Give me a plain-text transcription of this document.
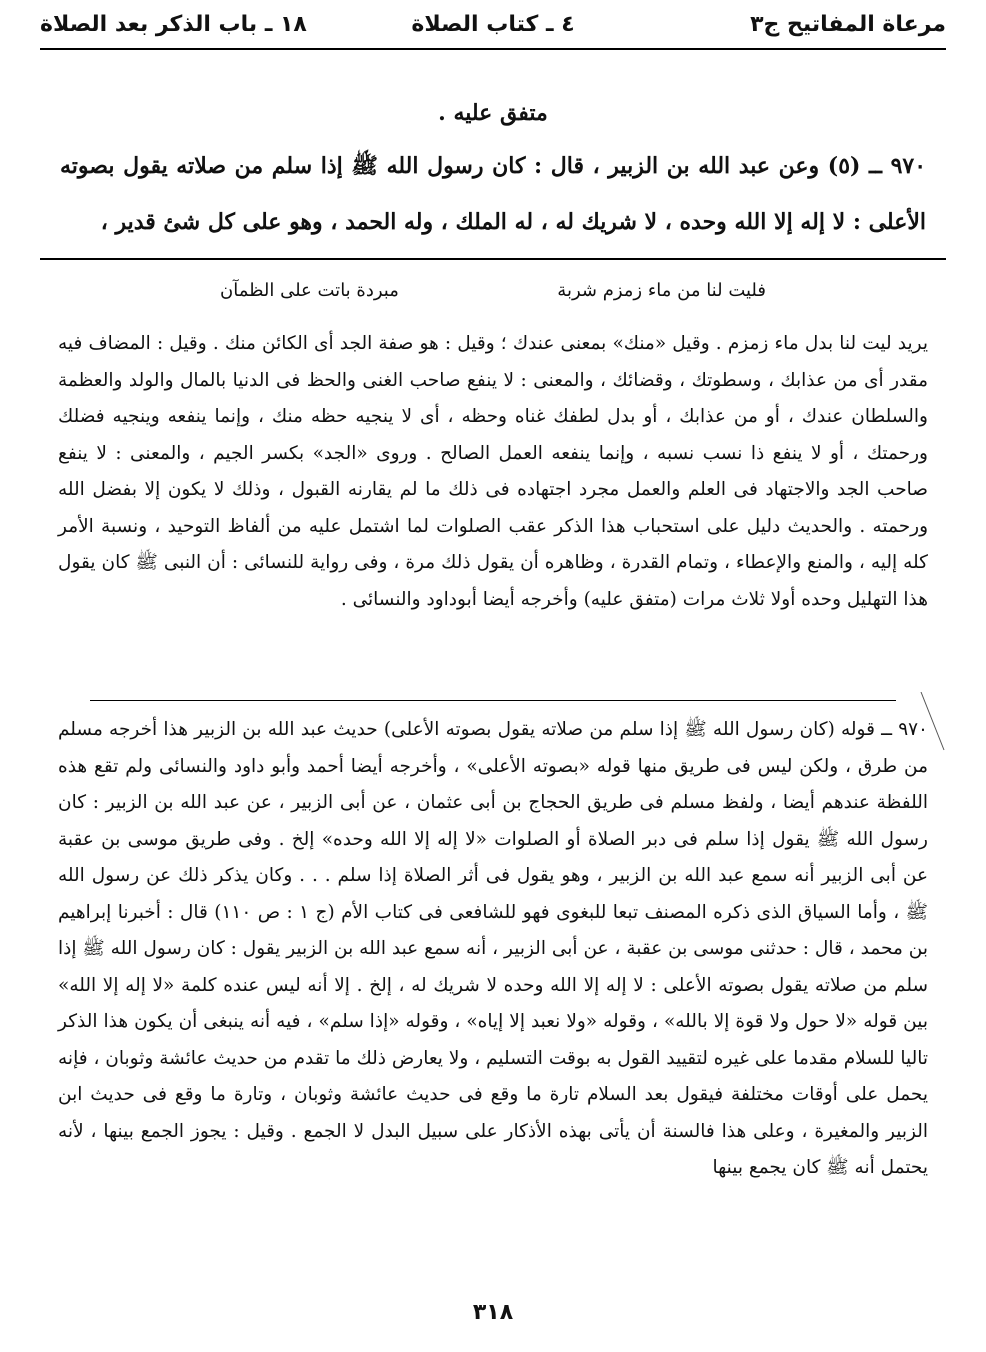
مرعاة المفاتيح ج٣
٤ ـ كتاب الصلاة
١٨ ـ باب الذكر بعد الصلاة
متفق عليه .
٩٧٠ ــ (٥) وعن عبد الله بن الزبير ، قال : كان رسول الله ﷺ إذا سلم من صلاته يقول بصوته الأعلى : لا إله إلا الله وحده ، لا شريك له ، له الملك ، وله الحمد ، وهو على كل شئ قدير ،
فليت لنا من ماء زمزم شربة
مبردة باتت على الظمآن
يريد ليت لنا بدل ماء زمزم . وقيل «منك» بمعنى عندك ؛ وقيل : هو صفة الجد أى الكائن منك . وقيل : المضاف فيه مقدر أى من عذابك ، وسطوتك ، وقضائك ، والمعنى : لا ينفع صاحب الغنى والحظ فى الدنيا بالمال والولد والعظمة والسلطان عندك ، أو من عذابك ، أو بدل لطفك غناه وحظه ، أى لا ينجيه حظه منك ، وإنما ينفعه وينجيه فضلك ورحمتك ، أو لا ينفع ذا نسب نسبه ، وإنما ينفعه العمل الصالح . وروى «الجد» بكسر الجيم ، والمعنى : لا ينفع صاحب الجد والاجتهاد فى العلم والعمل مجرد اجتهاده فى ذلك ما لم يقارنه القبول ، وذلك لا يكون إلا بفضل الله ورحمته . والحديث دليل على استحباب هذا الذكر عقب الصلوات لما اشتمل عليه من ألفاظ التوحيد ، ونسبة الأمر كله إليه ، والمنع والإعطاء ، وتمام القدرة ، وظاهره أن يقول ذلك مرة ، وفى رواية للنسائى : أن النبى ﷺ كان يقول هذا التهليل وحده أولا ثلاث مرات (متفق عليه) وأخرجه أيضا أبوداود والنسائى .
٩٧٠ ــ قوله (كان رسول الله ﷺ إذا سلم من صلاته يقول بصوته الأعلى) حديث عبد الله بن الزبير هذا أخرجه مسلم من طرق ، ولكن ليس فى طريق منها قوله «بصوته الأعلى» ، وأخرجه أيضا أحمد وأبو داود والنسائى ولم تقع هذه اللفظة عندهم أيضا ، ولفظ مسلم فى طريق الحجاج بن أبى عثمان ، عن أبى الزبير ، عن عبد الله بن الزبير : كان رسول الله ﷺ يقول إذا سلم فى دبر الصلاة أو الصلوات «لا إله إلا الله وحده» إلخ . وفى طريق موسى بن عقبة عن أبى الزبير أنه سمع عبد الله بن الزبير ، وهو يقول فى أثر الصلاة إذا سلم . . . وكان يذكر ذلك عن رسول الله ﷺ ، وأما السياق الذى ذكره المصنف تبعا للبغوى فهو للشافعى فى كتاب الأم (ج ١ : ص ١١٠) قال : أخبرنا إبراهيم بن محمد ، قال : حدثنى موسى بن عقبة ، عن أبى الزبير ، أنه سمع عبد الله بن الزبير يقول : كان رسول الله ﷺ إذا سلم من صلاته يقول بصوته الأعلى : لا إله إلا الله وحده لا شريك له ، إلخ . إلا أنه ليس عنده كلمة «لا إله إلا الله» بين قوله «لا حول ولا قوة إلا بالله» ، وقوله «ولا نعبد إلا إياه» ، وقوله «إذا سلم» ، فيه أنه ينبغى أن يكون هذا الذكر تاليا للسلام مقدما على غيره لتقييد القول به بوقت التسليم ، ولا يعارض ذلك ما تقدم من حديث عائشة وثوبان ، فإنه يحمل على أوقات مختلفة فيقول بعد السلام تارة ما وقع فى حديث عائشة وثوبان ، وتارة ما وقع فى حديث ابن الزبير والمغيرة ، وعلى هذا فالسنة أن يأتى بهذه الأذكار على سبيل البدل لا الجمع . وقيل : يجوز الجمع بينها ، لأنه يحتمل أنه ﷺ كان يجمع بينها
٣١٨
